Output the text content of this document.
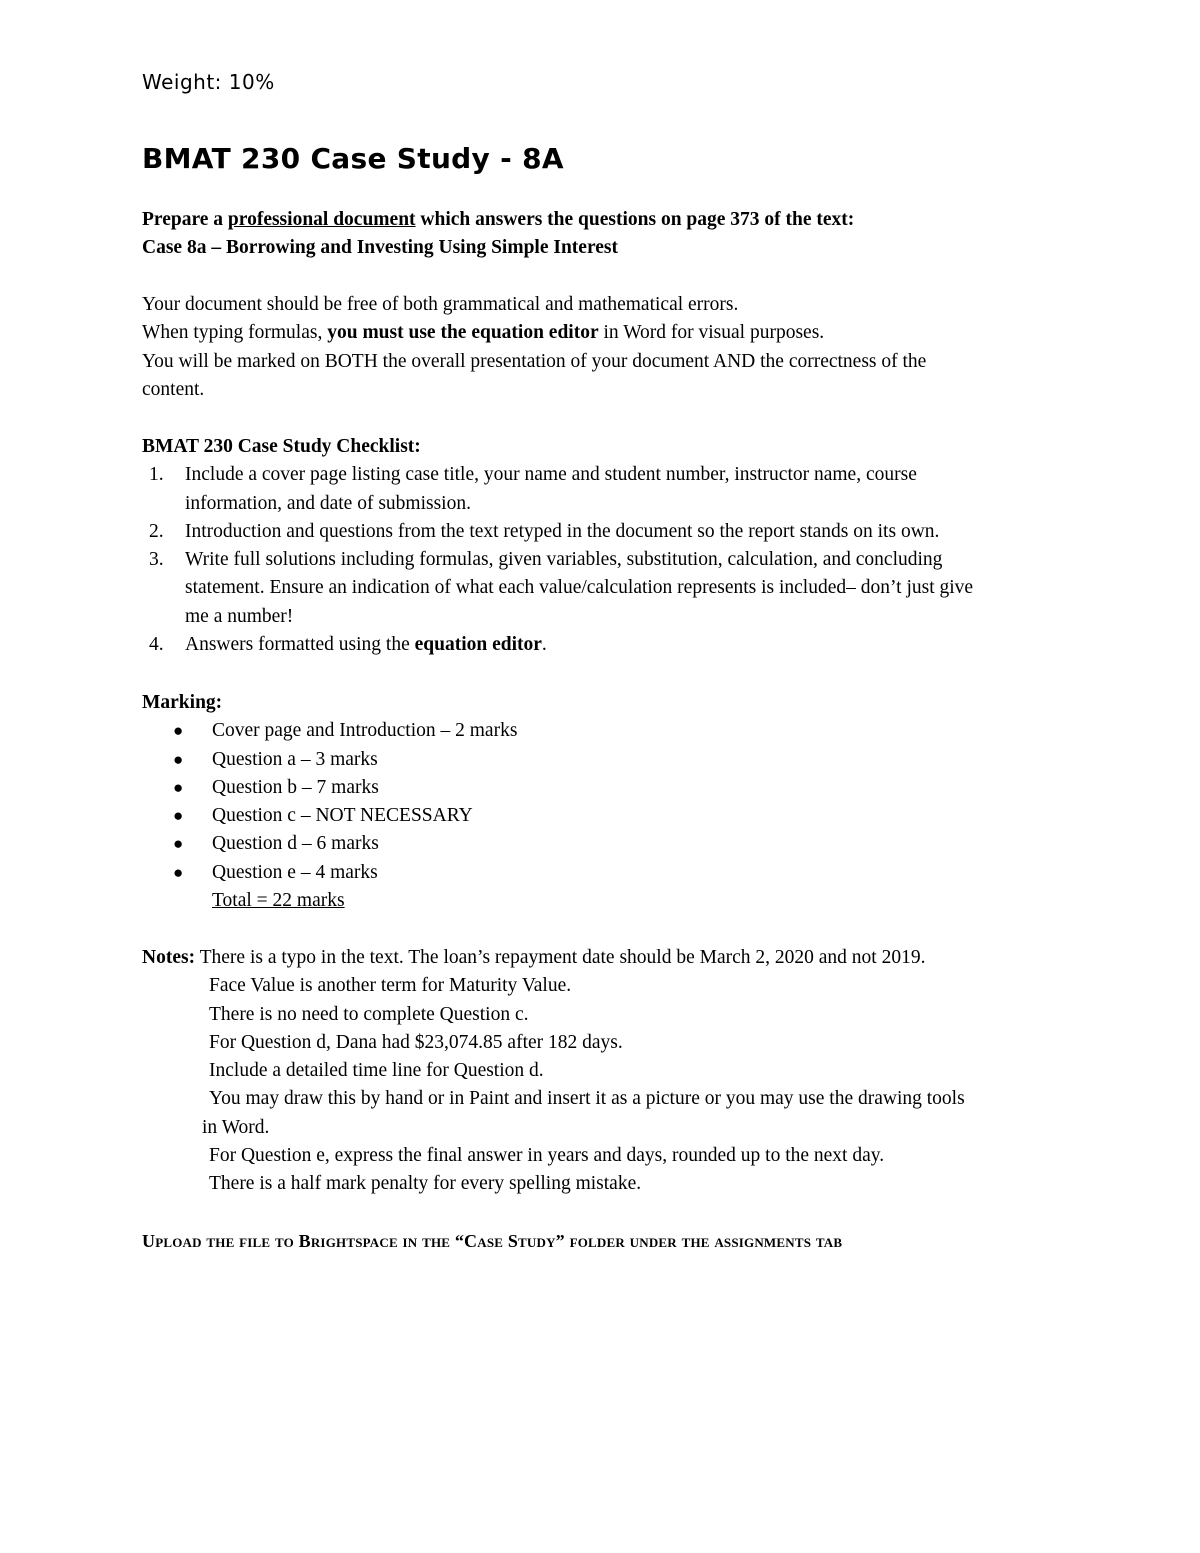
Weight: 10%
BMAT 230 Case Study - 8A
Prepare a professional document which answers the questions on page 373 of the text:
Case 8a – Borrowing and Investing Using Simple Interest
Your document should be free of both grammatical and mathematical errors.
When typing formulas, you must use the equation editor in Word for visual purposes.
You will be marked on BOTH the overall presentation of your document AND the correctness of the
content.
BMAT 230 Case Study Checklist:
1. Include a cover page listing case title, your name and student number, instructor name, course
information, and date of submission.
2. Introduction and questions from the text retyped in the document so the report stands on its own.
3. Write full solutions including formulas, given variables, substitution, calculation, and concluding
statement. Ensure an indication of what each value/calculation represents is included– don’t just give
me a number!
4. Answers formatted using the equation editor.
Marking:
● Cover page and Introduction – 2 marks
● Question a – 3 marks
● Question b – 7 marks
● Question c – NOT NECESSARY
● Question d – 6 marks
● Question e – 4 marks
Total = 22 marks
Notes: There is a typo in the text. The loan’s repayment date should be March 2, 2020 and not 2019.
Face Value is another term for Maturity Value.
There is no need to complete Question c.
For Question d, Dana had $23,074.85 after 182 days.
Include a detailed time line for Question d.
You may draw this by hand or in Paint and insert it as a picture or you may use the drawing tools
in Word.
For Question e, express the final answer in years and days, rounded up to the next day.
There is a half mark penalty for every spelling mistake.
Upload the file to Brightspace in the “Case Study” folder under the assignments tab
